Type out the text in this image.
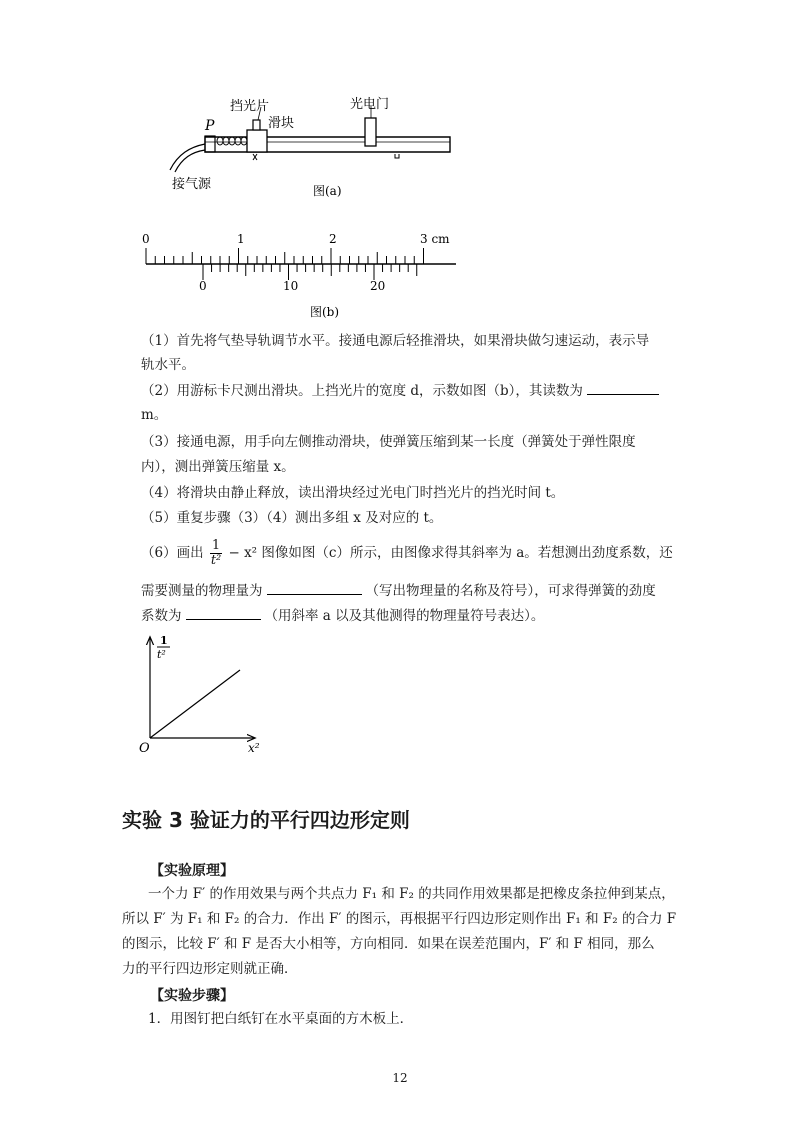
P
挡光片
滑块
光电门
接气源	图(a)
0	1	2	3 cm
0	10	20
图(b)
（1）首先将气垫导轨调节水平。接通电源后轻推滑块，如果滑块做匀速运动，表示导
轨水平。
（2）用游标卡尺测出滑块。上挡光片的宽度 d，示数如图（b），其读数为
m。
（3）接通电源，用手向左侧推动滑块，使弹簧压缩到某一长度（弹簧处于弹性限度
内），测出弹簧压缩量 x。
（4）将滑块由静止释放，读出滑块经过光电门时挡光片的挡光时间 t。
（5）重复步骤（3）（4）测出多组 x 及对应的 t。
（6）画出 $\frac{1}{\text{t²}} - x^2$ 图像如图（c）所示，由图像求得其斜率为 a。若想测出劲度系数，还
需要测量的物理量为	（写出物理量的名称及符号），可求得弹簧的劲度
系数为	（用斜率 a 以及其他测得的物理量符号表达）。
1
t²
O	x²
实验 3 验证力的平行四边形定则
【实验原理】
一个力 F′ 的作用效果与两个共点力 F₁ 和 F₂ 的共同作用效果都是把橡皮条拉伸到某点，
所以 F′ 为 F₁ 和 F₂ 的合力．作出 F′ 的图示，再根据平行四边形定则作出 F₁ 和 F₂ 的合力 F
的图示，比较 F′ 和 F 是否大小相等，方向相同．如果在误差范围内，F′ 和 F 相同，那么
力的平行四边形定则就正确．
【实验步骤】
1．用图钉把白纸钉在水平桌面的方木板上．
12
